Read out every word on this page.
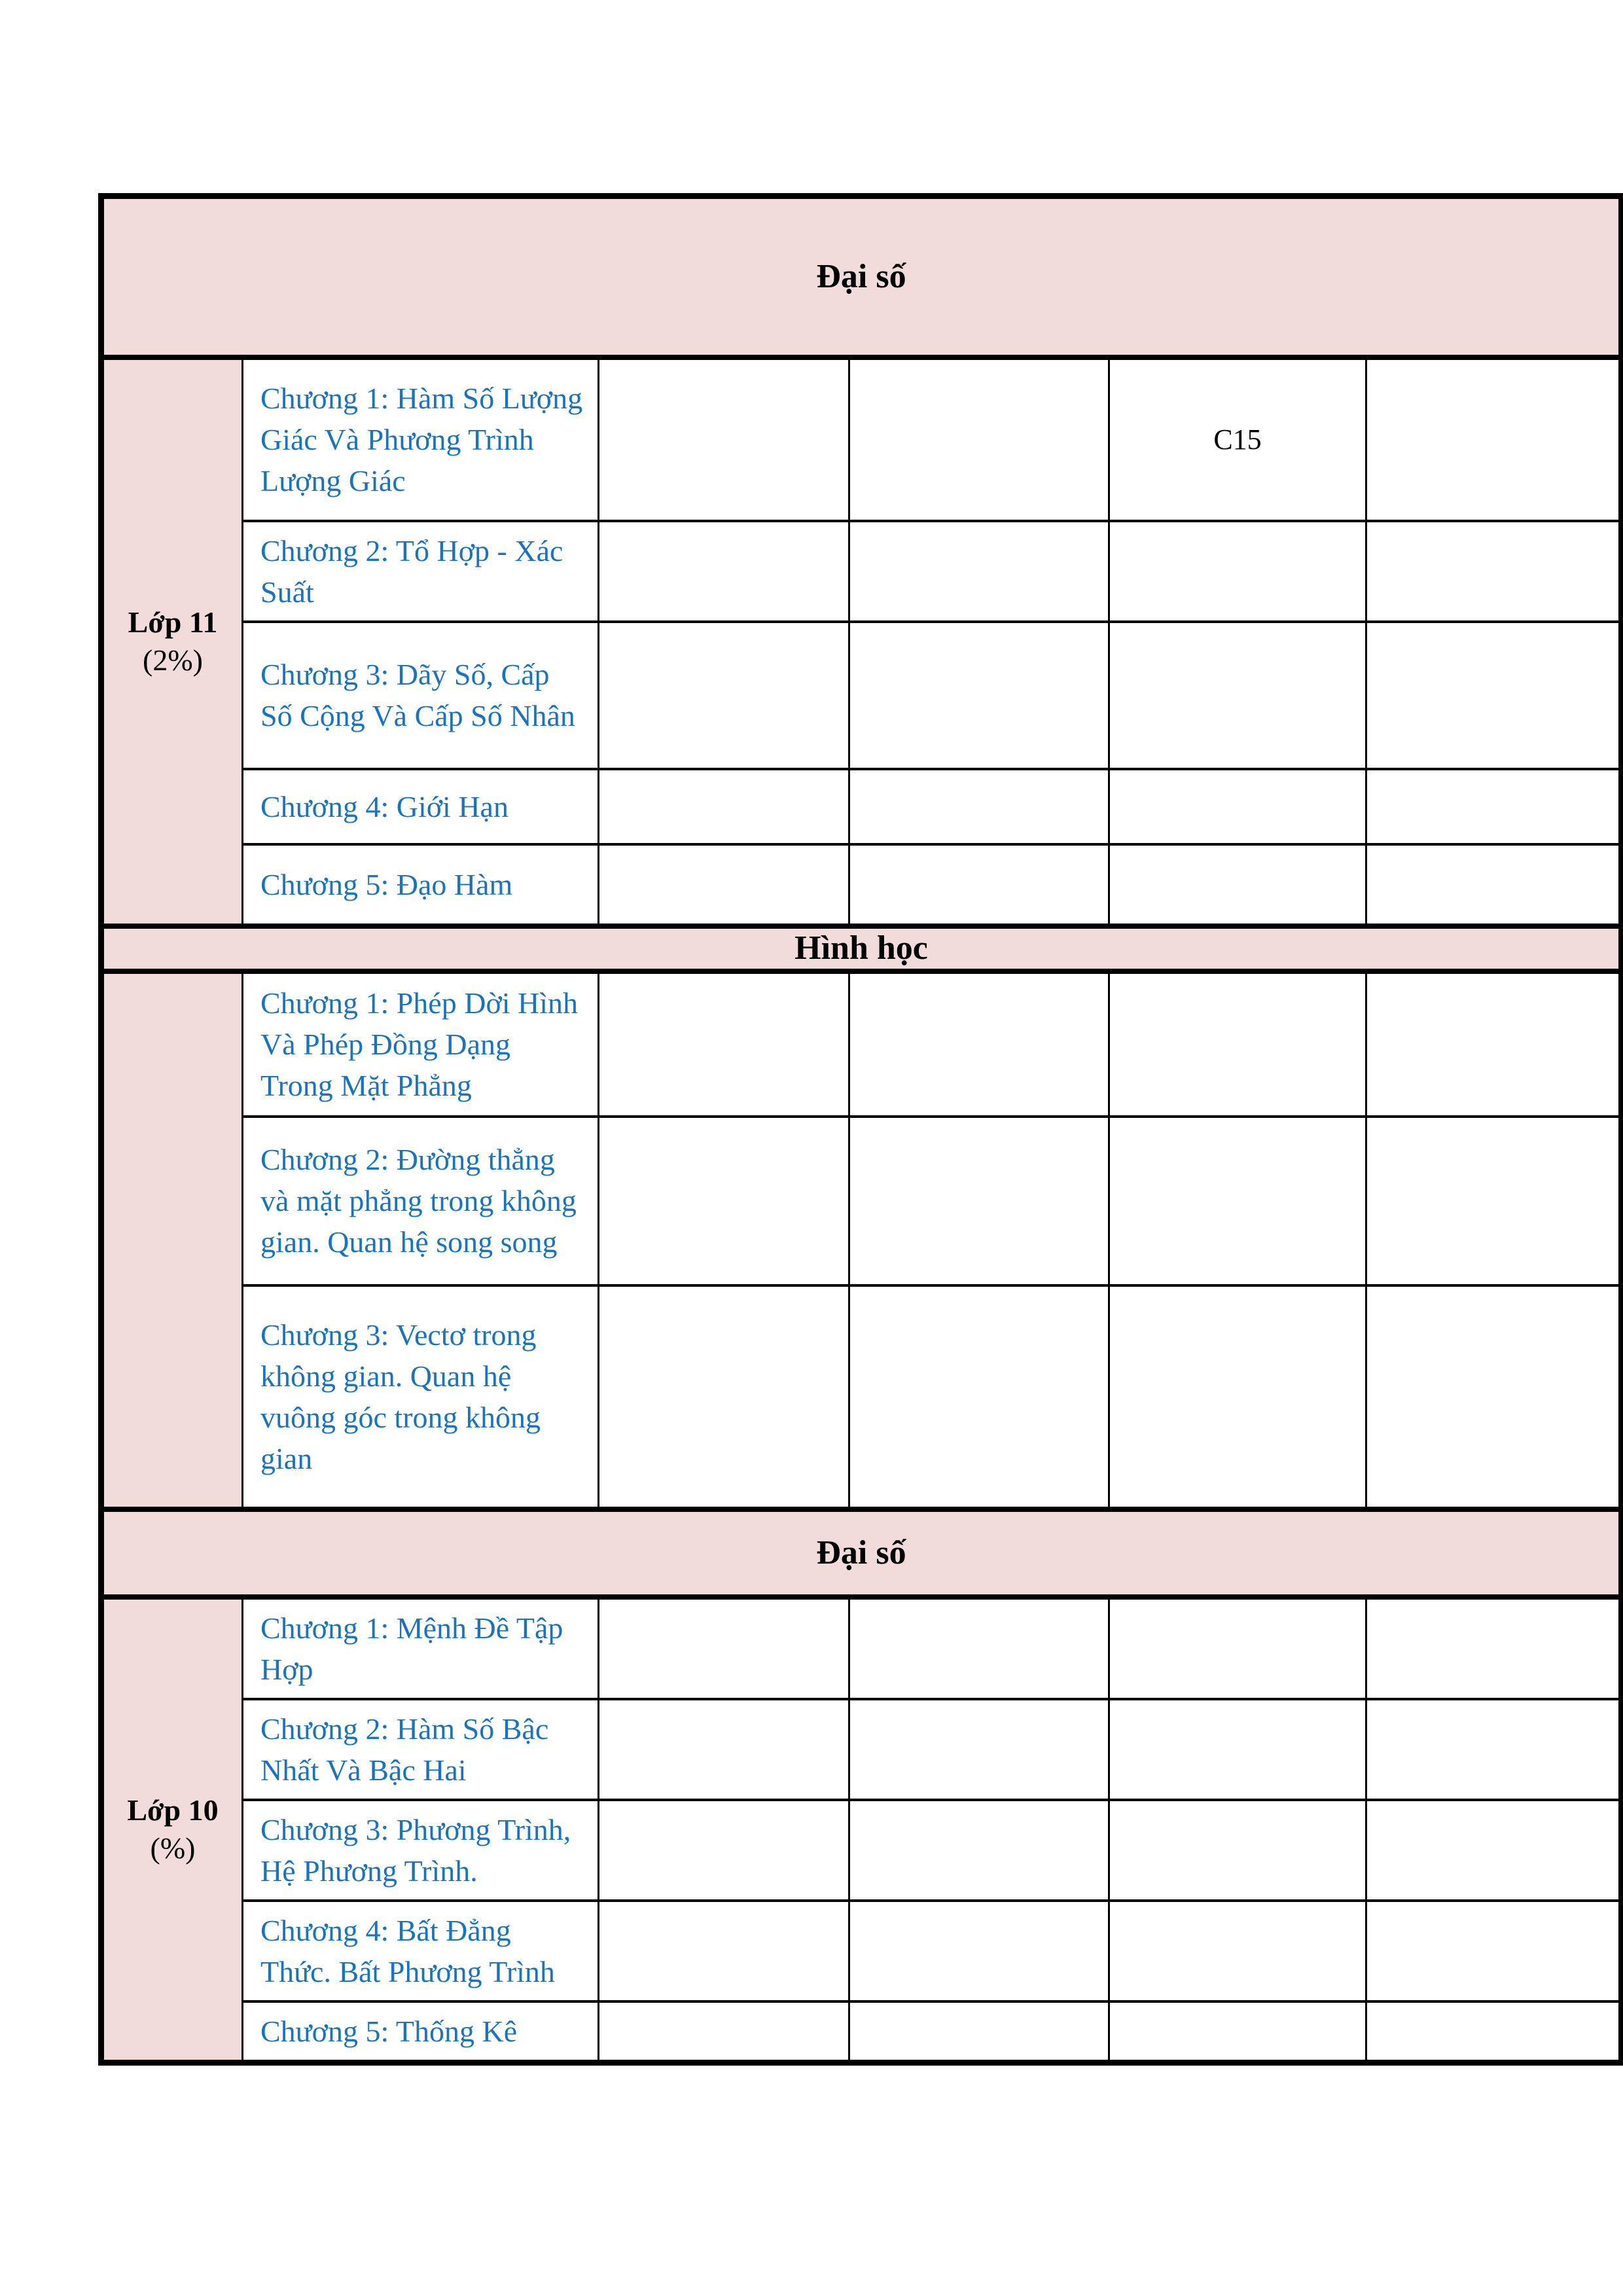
Đại số					

Lớp 11
(2%)	Chương 1: Hàm Số Lượng Giác Và Phương Trình Lượng Giác			C15	
	Chương 2: Tổ Hợp - Xác Suất				
	Chương 3: Dãy Số, Cấp Số Cộng Và Cấp Số Nhân				
	Chương 4: Giới Hạn				
	Chương 5: Đạo Hàm				
Hình học					

	Chương 1: Phép Dời Hình Và Phép Đồng Dạng Trong Mặt Phẳng				
	Chương 2: Đường thẳng và mặt phẳng trong không gian. Quan hệ song song				
	Chương 3: Vectơ trong không gian. Quan hệ vuông góc trong không gian				
Đại số					

Lớp 10
(%)	Chương 1: Mệnh Đề Tập Hợp				
	Chương 2: Hàm Số Bậc Nhất Và Bậc Hai				
	Chương 3: Phương Trình, Hệ Phương Trình.				
	Chương 4: Bất Đẳng Thức. Bất Phương Trình				
	Chương 5: Thống Kê				
